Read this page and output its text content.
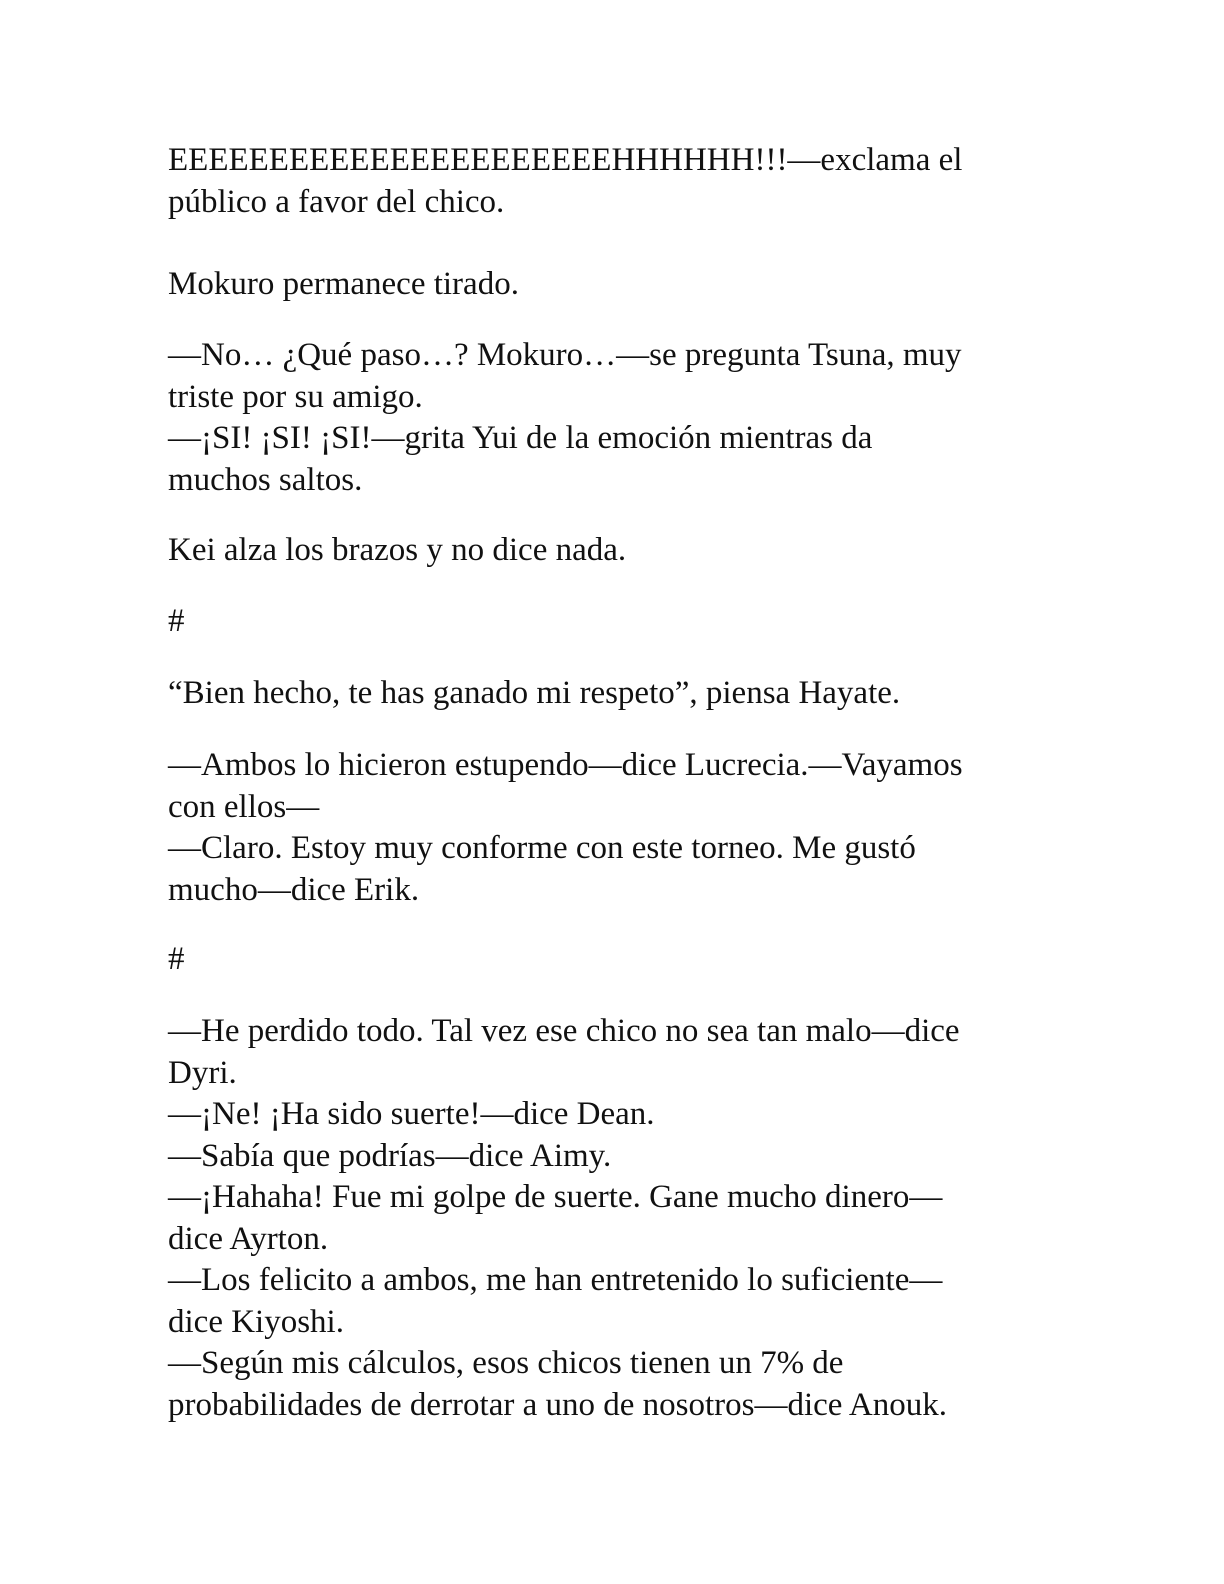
EEEEEEEEEEEEEEEEEEEEEEHHHHHH!!!—exclama el
público a favor del chico.
Mokuro permanece tirado.
—No… ¿Qué paso…? Mokuro…—se pregunta Tsuna, muy
triste por su amigo.
—¡SI! ¡SI! ¡SI!—grita Yui de la emoción mientras da
muchos saltos.
Kei alza los brazos y no dice nada.
#
“Bien hecho, te has ganado mi respeto”, piensa Hayate.
—Ambos lo hicieron estupendo—dice Lucrecia.—Vayamos
con ellos—
—Claro. Estoy muy conforme con este torneo. Me gustó
mucho—dice Erik.
#
—He perdido todo. Tal vez ese chico no sea tan malo—dice
Dyri.
—¡Ne! ¡Ha sido suerte!—dice Dean.
—Sabía que podrías—dice Aimy.
—¡Hahaha! Fue mi golpe de suerte. Gane mucho dinero—
dice Ayrton.
—Los felicito a ambos, me han entretenido lo suficiente—
dice Kiyoshi.
—Según mis cálculos, esos chicos tienen un 7% de
probabilidades de derrotar a uno de nosotros—dice Anouk.
